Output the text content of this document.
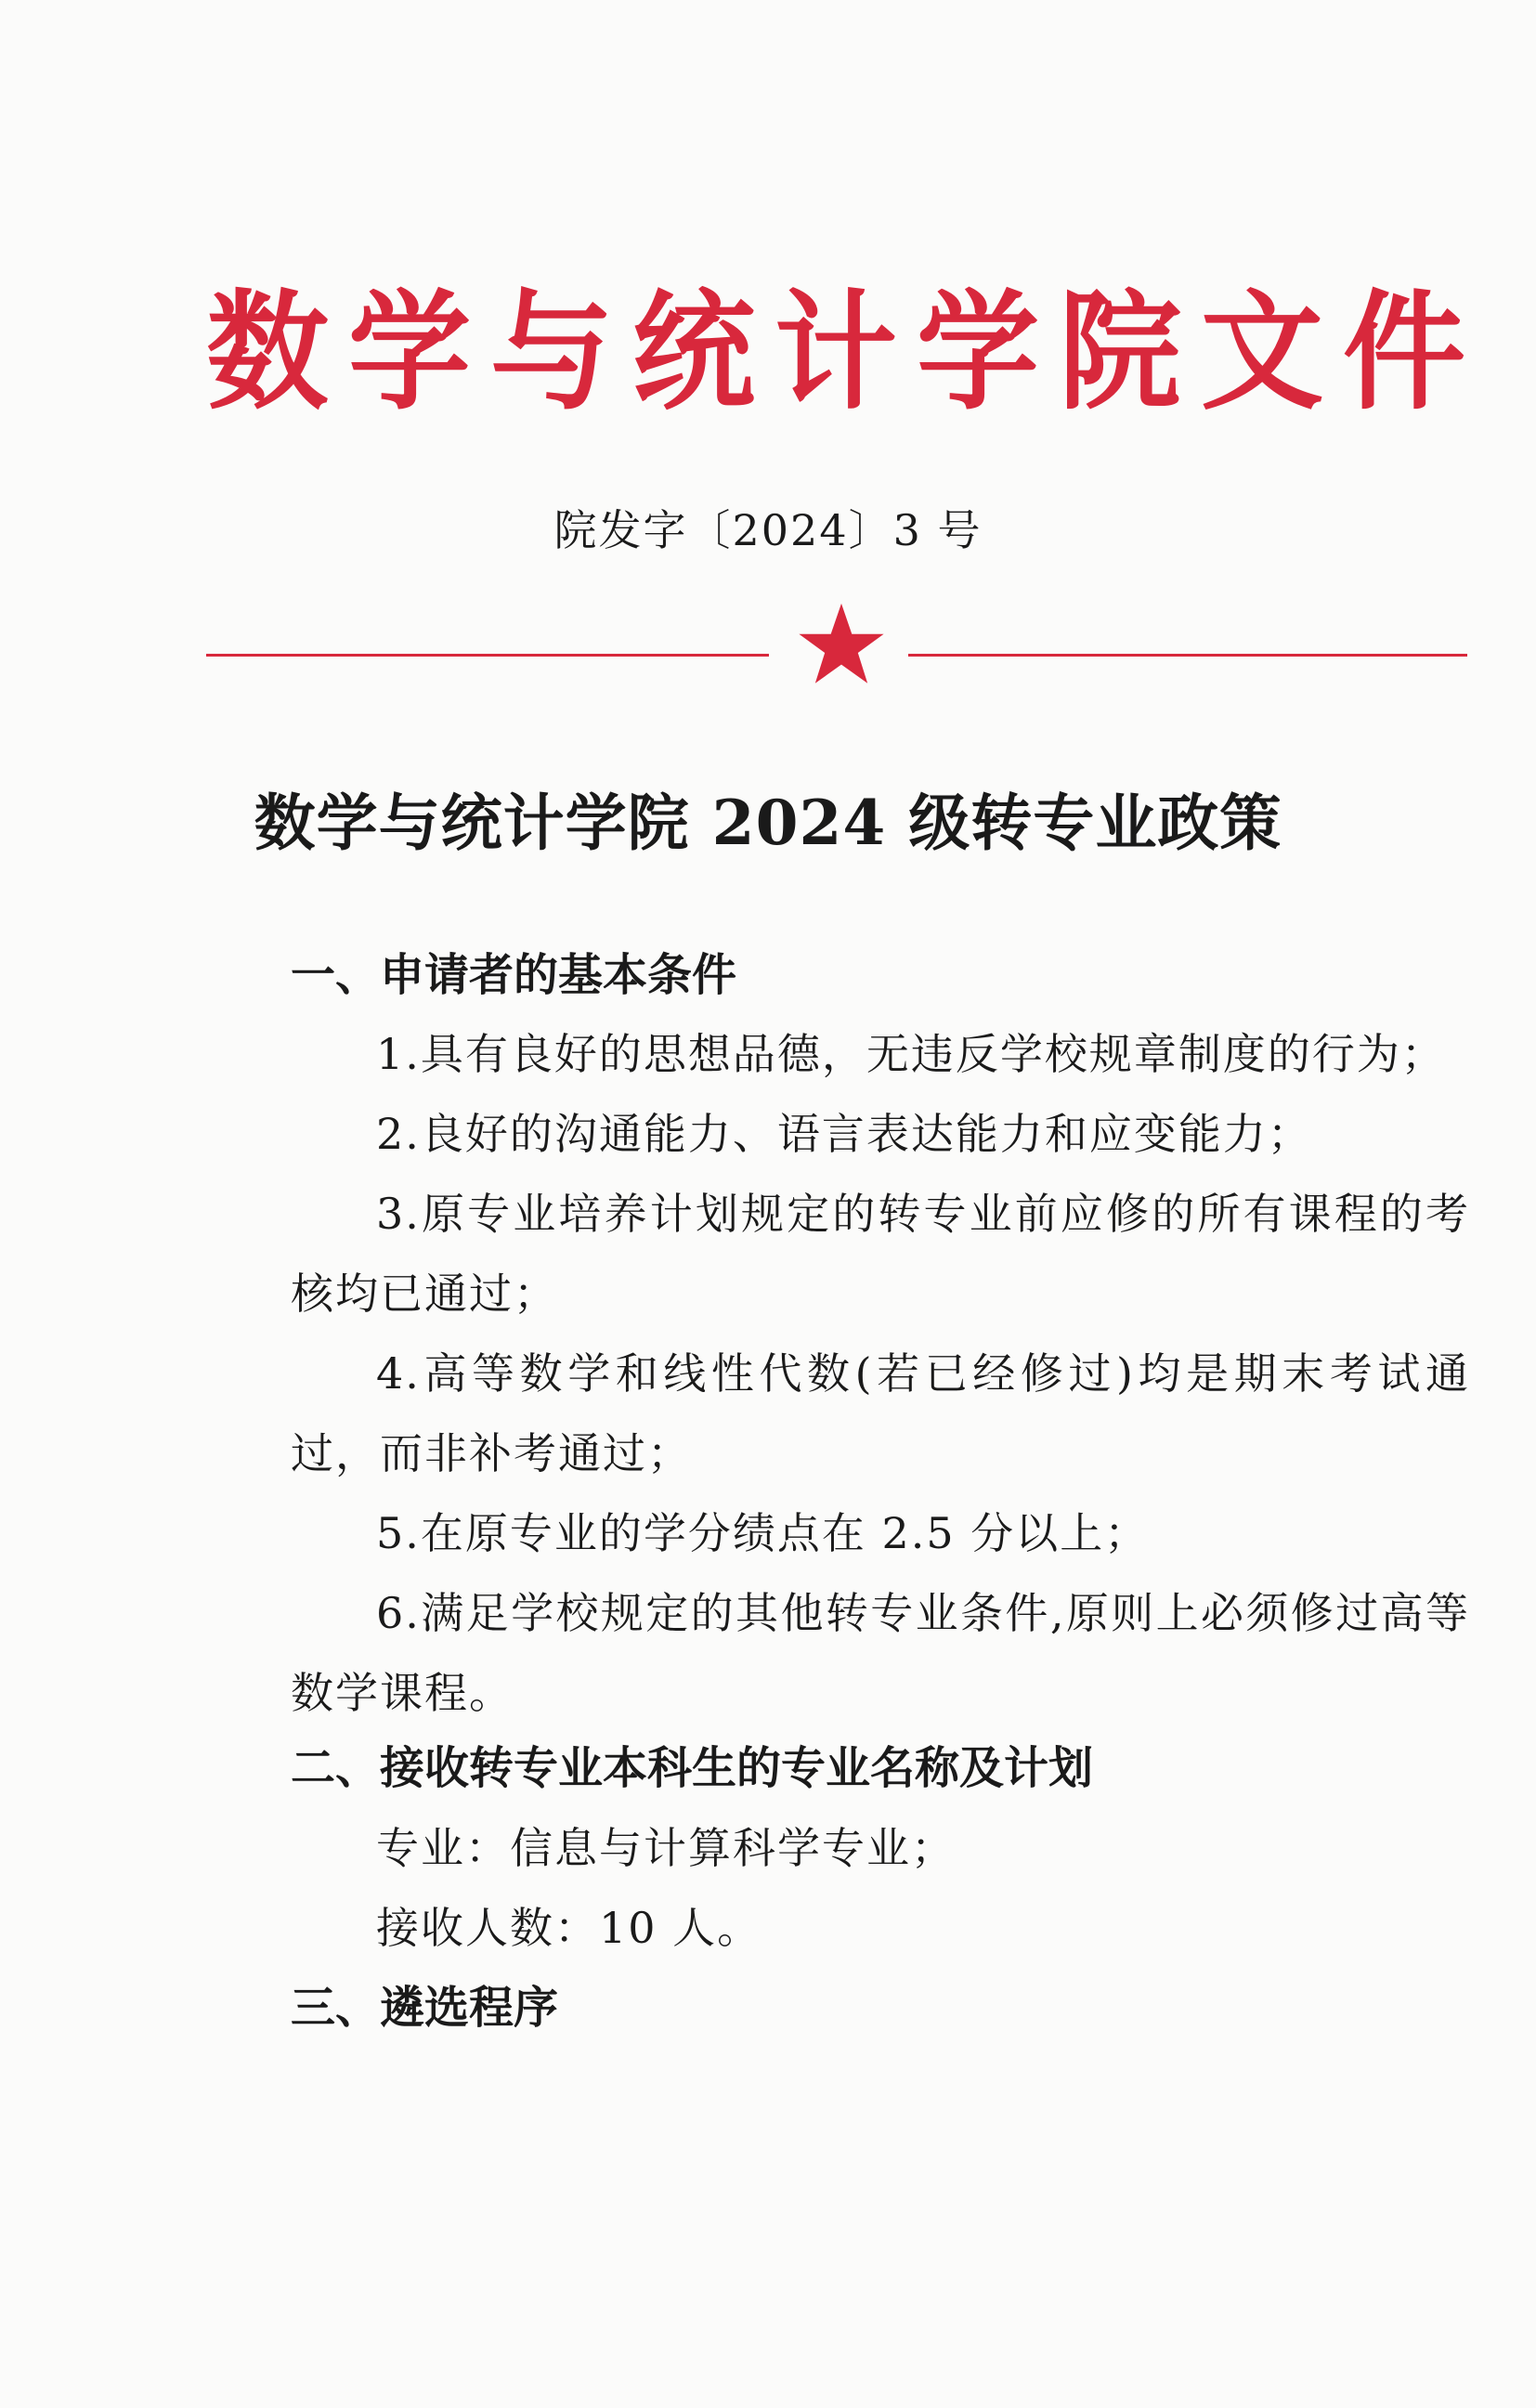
数 学 与 统 计 学 院 文 件
院发字〔2024〕3 号
数学与统计学院 2024 级转专业政策
一、申请者的基本条件
1.具有良好的思想品德，无违反学校规章制度的行为；
2.良好的沟通能力、语言表达能力和应变能力；
3.原专业培养计划规定的转专业前应修的所有课程的考核均已通过；
4.高等数学和线性代数(若已经修过)均是期末考试通过，而非补考通过；
5.在原专业的学分绩点在 2.5 分以上；
6.满足学校规定的其他转专业条件,原则上必须修过高等数学课程。
二、接收转专业本科生的专业名称及计划
专业：信息与计算科学专业；
接收人数：10 人。
三、遴选程序
